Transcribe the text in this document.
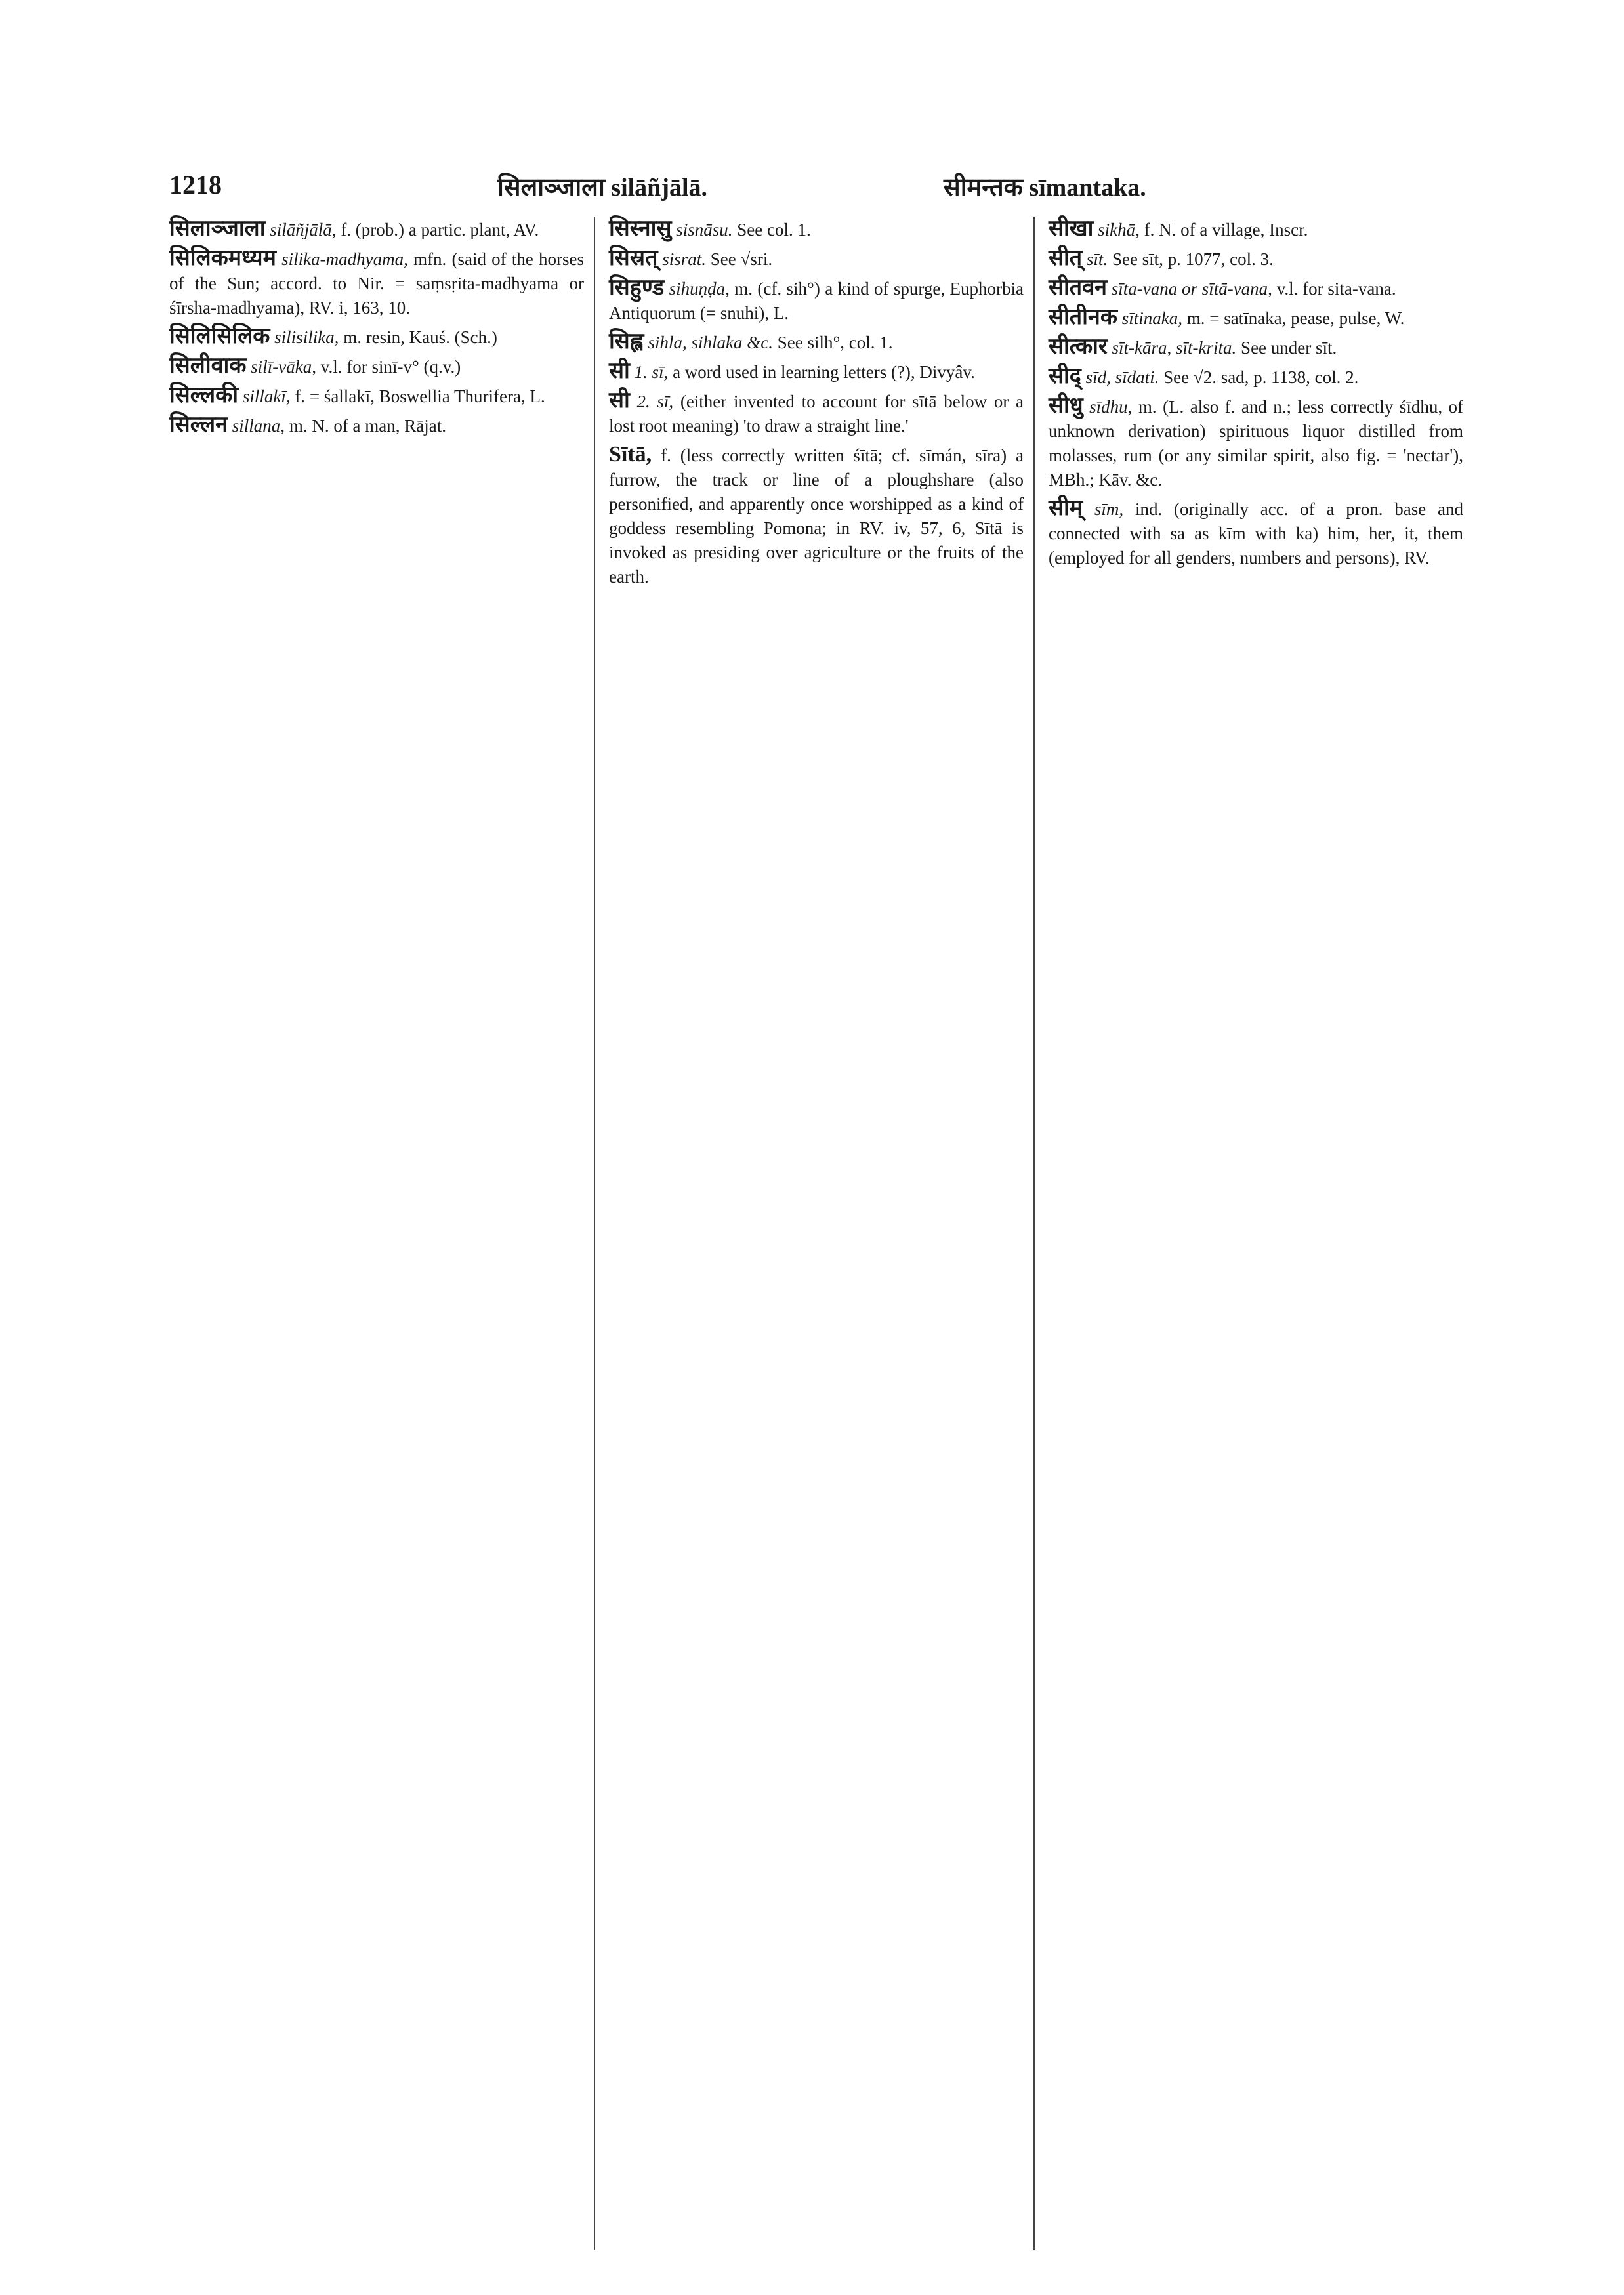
1218	सिलाञ्जाला silāñjālā.	सीमन्तक sīmantaka.
सिलाञ्जाला silāñjālā, f. (prob.) a partic. plant, AV.
सिलिकमध्यम silika-madhyama, mfn. (said of the horses of the Sun; accord. to Nir. = saṃsṛita-madhyama or śīrsha-madhyama), RV. i, 163, 10.
सिलिसिलिक silisilika, m. resin, Kauś. (Sch.)
सिलीवाक silī-vāka, v.l. for sinī-v° (q.v.)
सिल्लकी sillakī, f. = śallakī, Boswellia Thurifera, L.
सिल्लन sillana, m. N. of a man, Rājat.
सिस्नासु sisnāsu. See col. 1.
सिस्रत् sisrat. See √sri.
सिहुण्ड sihuṇḍa, m. (cf. sih°) a kind of spurge, Euphorbia Antiquorum (= snuhi), L.
सिह्ल sihla, sihlaka &c. See silh°, col. 1.
सी 1. sī, a word used in learning letters (?), Divyâv.
सी 2. sī, (either invented to account for sītā below or a lost root meaning) 'to draw a straight line.'
Sītā, f. (less correctly written śītā; cf. sīmán, sīra) a furrow, the track or line of a ploughshare (also personified, and apparently once worshipped as a kind of goddess resembling Pomona; in RV. iv, 57, 6, Sītā is invoked as presiding over agriculture or the fruits of the earth.
सीखा sikhā, f. N. of a village, Inscr.
सीत् sīt. See sīt, p. 1077, col. 3.
सीतवन sīta-vana or sītā-vana, v.l. for sita-vana.
सीतीनक sītinaka, m. = satīnaka, pease, pulse, W.
सीत्कार sīt-kāra, sīt-krita. See under sīt.
सीद् sīd, sīdati. See √2. sad, p. 1138, col. 2.
सीधु sīdhu, m. (L. also f. and n.; less correctly śīdhu, of unknown derivation) spirituous liquor distilled from molasses, rum (or any similar spirit, also fig. = 'nectar'), MBh.; Kāv. &c.
सीम् sīm, ind. (originally acc. of a pron. base and connected with sa as kīm with ka) him, her, it, them (employed for all genders, numbers and persons), RV.
